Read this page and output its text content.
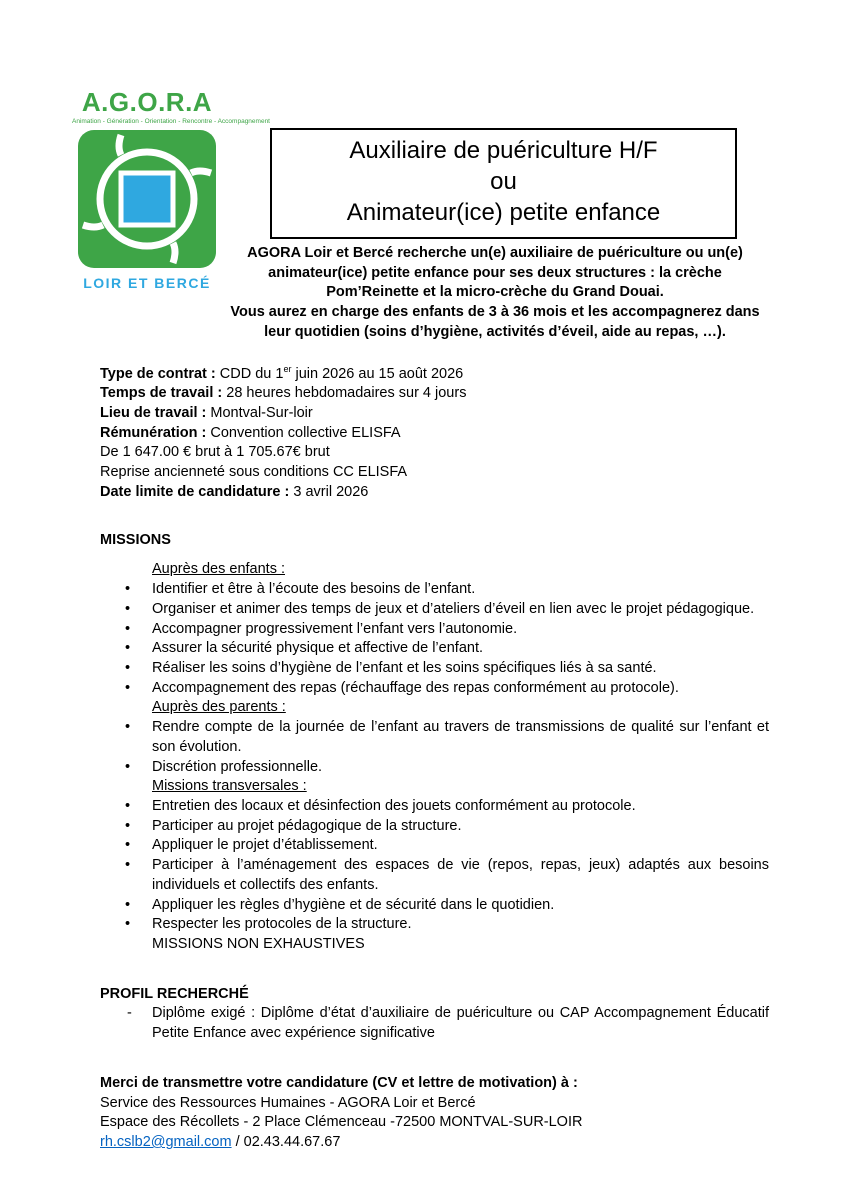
A.G.O.R.A
Animation - Génération - Orientation - Rencontre - Accompagnement
LOIR ET BERCÉ
Auxiliaire de puériculture H/F
ou
Animateur(ice) petite enfance

AGORA Loir et Bercé recherche un(e) auxiliaire de puériculture ou un(e) animateur(ice) petite enfance pour ses deux structures : la crèche Pom’Reinette et la micro-crèche du Grand Douai.

Vous aurez en charge des enfants de 3 à 36 mois et les accompagnerez dans leur quotidien (soins d’hygiène, activités d’éveil, aide au repas, …).

Type de contrat : CDD du 1er juin 2026 au 15 août 2026

Temps de travail : 28 heures hebdomadaires sur 4 jours

Lieu de travail : Montval-Sur-loir

Rémunération : Convention collective ELISFA

De 1 647.00 € brut à 1 705.67€ brut

Reprise ancienneté sous conditions CC ELISFA

Date limite de candidature : 3 avril 2026

MISSIONS

Auprès des enfants :

• Identifier et être à l’écoute des besoins de l’enfant.
• Organiser et animer des temps de jeux et d’ateliers d’éveil en lien avec le projet pédagogique.
• Accompagner progressivement l’enfant vers l’autonomie.
• Assurer la sécurité physique et affective de l’enfant.
• Réaliser les soins d’hygiène de l’enfant et les soins spécifiques liés à sa santé.
• Accompagnement des repas (réchauffage des repas conformément au protocole).

Auprès des parents :

• Rendre compte de la journée de l’enfant au travers de transmissions de qualité sur l’enfant et son évolution.
• Discrétion professionnelle.

Missions transversales :

• Entretien des locaux et désinfection des jouets conformément au protocole.
• Participer au projet pédagogique de la structure.
• Appliquer le projet d’établissement.
• Participer à l’aménagement des espaces de vie (repos, repas, jeux) adaptés aux besoins individuels et collectifs des enfants.
• Appliquer les règles d’hygiène et de sécurité dans le quotidien.
• Respecter les protocoles de la structure.

MISSIONS NON EXHAUSTIVES

PROFIL RECHERCHÉ

- Diplôme exigé : Diplôme d’état d’auxiliaire de puériculture ou CAP Accompagnement Éducatif Petite Enfance avec expérience significative

Merci de transmettre votre candidature (CV et lettre de motivation) à :

Service des Ressources Humaines - AGORA Loir et Bercé

Espace des Récollets - 2 Place Clémenceau -72500 MONTVAL-SUR-LOIR

rh.cslb2@gmail.com / 02.43.44.67.67
